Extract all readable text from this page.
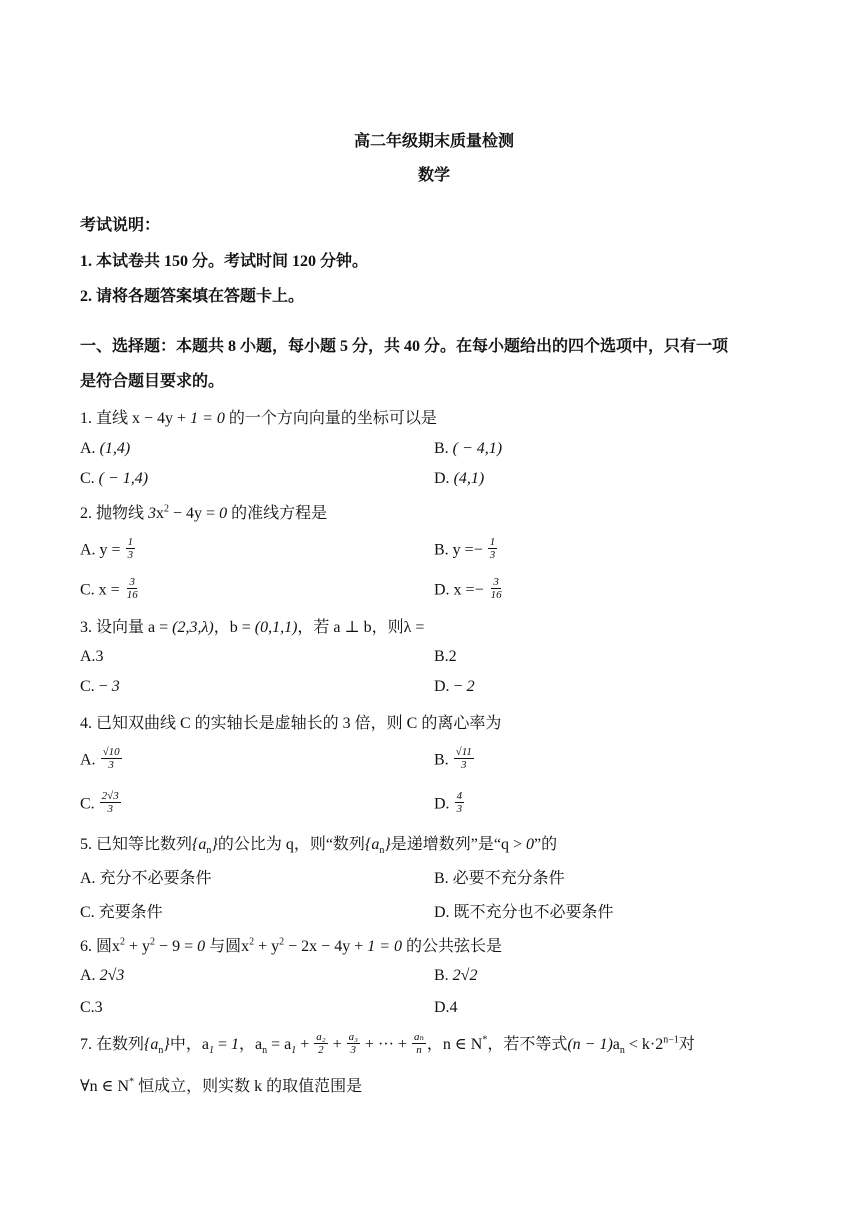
高二年级期末质量检测
数学
考试说明：
1. 本试卷共 150 分。考试时间 120 分钟。
2. 请将各题答案填在答题卡上。
一、选择题：本题共 8 小题，每小题 5 分，共 40 分。在每小题给出的四个选项中，只有一项
是符合题目要求的。
1. 直线 x − 4y + 1 = 0 的一个方向向量的坐标可以是
A. (1,4)	B. ( − 4,1)
C. ( − 1,4)	D. (4,1)
2. 抛物线 $3x^2 - 4y = 0$ 的准线方程是
A. $y = \frac{1}{3}$	B. $y =- \frac{1}{3}$
C. $x = \frac{3}{16}$	D. $x =- \frac{3}{16}$
3. 设向量 a = (2,3,λ)，b = (0,1,1)，若 a ⊥ b，则λ =
A.3	B.2
C. − 3	D. − 2
4. 已知双曲线 C 的实轴长是虚轴长的 3 倍，则 C 的离心率为
A. $\frac{√10}{3}$	B. $\frac{√11}{3}$
C. $\frac{2√3}{3}$	D. $\frac{4}{3}$
5. 已知等比数列$\{a_n\}$的公比为 q，则“数列$\{a_n\}$是递增数列”是“q > 0”的
A. 充分不必要条件	B. 必要不充分条件
C. 充要条件	D. 既不充分也不必要条件
6. 圆$x^2 + y^2 - 9 = 0$ 与圆$x^2 + y^2 - 2x - 4y + 1 = 0$ 的公共弦长是
A. 2√3	B. 2√2
C.3	D.4
7. 在数列$\{a_n\}$中，$a_1 = 1$，$a_n = a_1 + \frac{\text{a₂}}{2} + \frac{\text{a₃}}{3}$ + ··· + $\frac{\text{aₙ}}{n}$ ，n ∈ N*，若不等式$(n - 1)a_n < k\cdot 2^{n-1}$对
∀n ∈ N* 恒成立，则实数 k 的取值范围是
